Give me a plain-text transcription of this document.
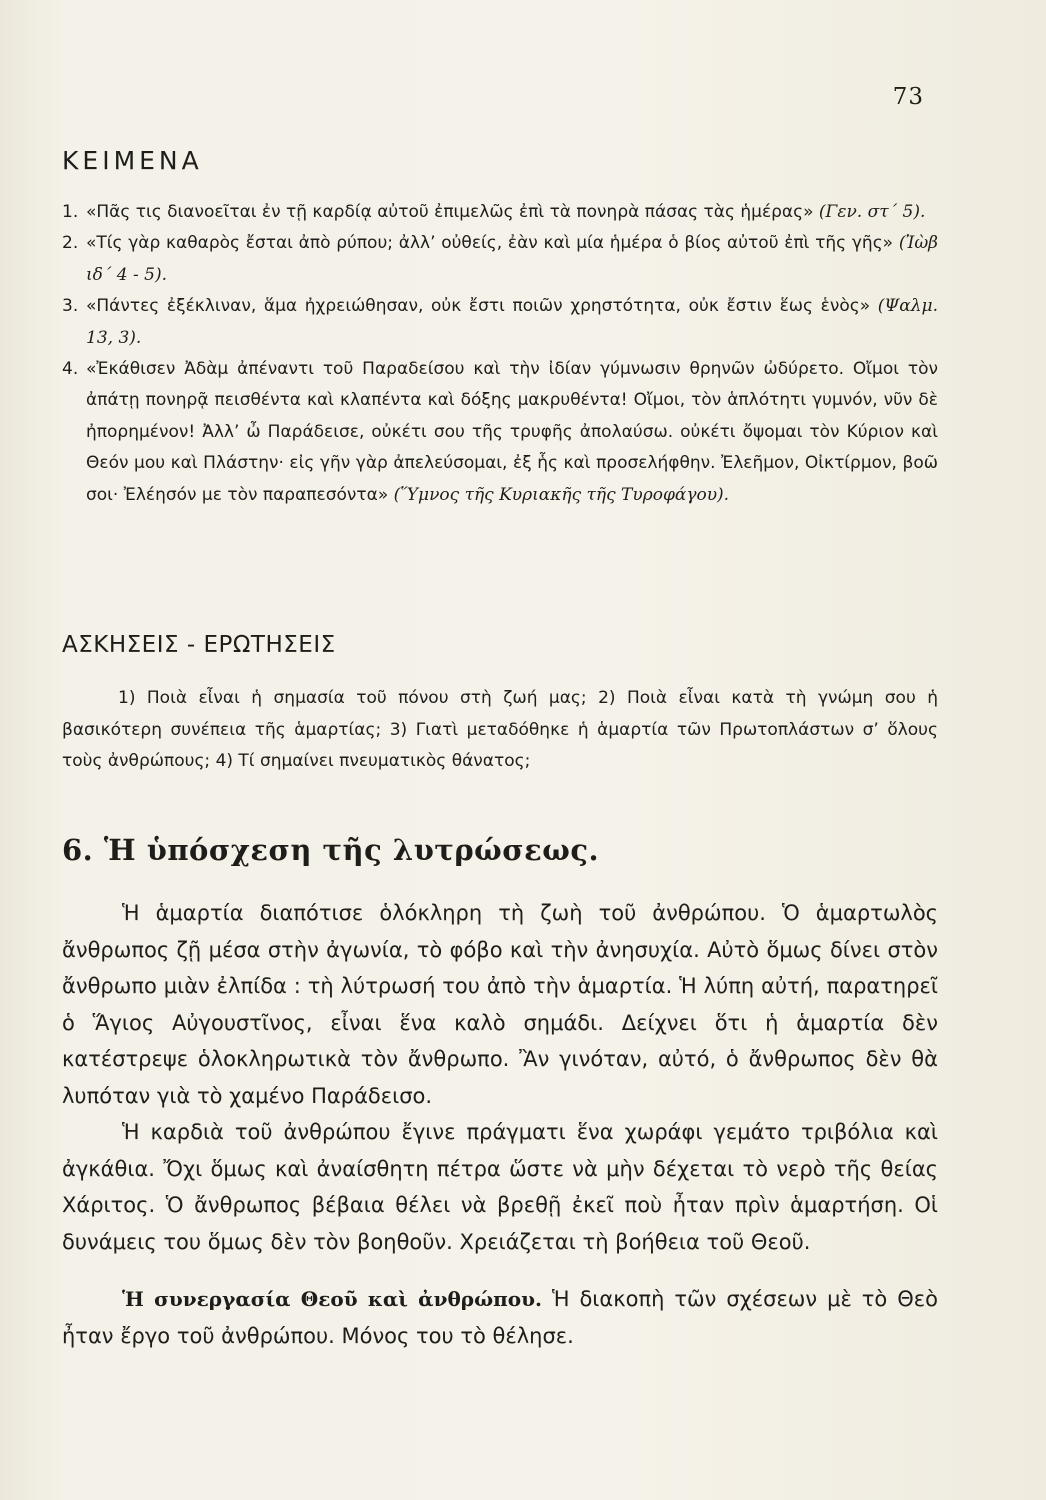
73
ΚΕΙΜΕΝΑ
1. «Πᾶς τις διανοεῖται ἐν τῇ καρδίᾳ αὐτοῦ ἐπιμελῶς ἐπὶ τὰ πονηρὰ πάσας τὰς ἡμέρας» (Γεν. στ΄ 5).
2. «Τίς γὰρ καθαρὸς ἔσται ἀπὸ ρύπου; ἀλλ’ οὐθείς, ἐὰν καὶ μία ἡμέρα ὁ βίος αὐτοῦ ἐπὶ τῆς γῆς» (Ἰὼβ ιδ΄ 4 - 5).
3. «Πάντες ἐξέκλιναν, ἅμα ἠχρειώθησαν, οὐκ ἔστι ποιῶν χρηστότητα, οὐκ ἔστιν ἕως ἑνὸς» (Ψαλμ. 13, 3).
4. «Ἐκάθισεν Ἀδὰμ ἀπέναντι τοῦ Παραδείσου καὶ τὴν ἰδίαν γύμνωσιν θρηνῶν ὠδύρετο. Οἴμοι τὸν ἀπάτῃ πονηρᾷ πεισθέντα καὶ κλαπέντα καὶ δόξης μακρυθέντα! Οἴμοι, τὸν ἁπλότητι γυμνόν, νῦν δὲ ἠπορημένον! Ἀλλ’ ὦ Παράδεισε, οὐκέτι σου τῆς τρυφῆς ἀπολαύσω. οὐκέτι ὄψομαι τὸν Κύριον καὶ Θεόν μου καὶ Πλάστην· εἰς γῆν γὰρ ἀπελεύσομαι, ἐξ ἧς καὶ προσελήφθην. Ἐλεῆμον, Οἰκτίρμον, βοῶ σοι· Ἐλέησόν με τὸν παραπεσόντα» (Ὕμνος τῆς Κυριακῆς τῆς Τυροφάγου).
ΑΣΚΗΣΕΙΣ - ΕΡΩΤΗΣΕΙΣ

1) Ποιὰ εἶναι ἡ σημασία τοῦ πόνου στὴ ζωή μας; 2) Ποιὰ εἶναι κατὰ τὴ γνώμη σου ἡ βασικότερη συνέπεια τῆς ἁμαρτίας; 3) Γιατὶ μεταδόθηκε ἡ ἁμαρτία τῶν Πρωτοπλάστων σ’ ὅλους τοὺς ἀνθρώπους; 4) Τί σημαίνει πνευματικὸς θάνατος;

6. Ἡ ὑπόσχεση τῆς λυτρώσεως.

Ἡ ἁμαρτία διαπότισε ὁλόκληρη τὴ ζωὴ τοῦ ἀνθρώπου. Ὁ ἁμαρτωλὸς ἄνθρωπος ζῇ μέσα στὴν ἀγωνία, τὸ φόβο καὶ τὴν ἀνησυχία. Αὐτὸ ὅμως δίνει στὸν ἄνθρωπο μιὰν ἐλπίδα : τὴ λύτρωσή του ἀπὸ τὴν ἁμαρτία. Ἡ λύπη αὐτή, παρατηρεῖ ὁ Ἅγιος Αὐγουστῖνος, εἶναι ἕνα καλὸ σημάδι. Δείχνει ὅτι ἡ ἁμαρτία δὲν κατέστρεψε ὁλοκληρωτικὰ τὸν ἄνθρωπο. Ἂν γινόταν, αὐτό, ὁ ἄνθρωπος δὲν θὰ λυπόταν γιὰ τὸ χαμένο Παράδεισο.

Ἡ καρδιὰ τοῦ ἀνθρώπου ἔγινε πράγματι ἕνα χωράφι γεμάτο τριβόλια καὶ ἀγκάθια. Ὄχι ὅμως καὶ ἀναίσθητη πέτρα ὥστε νὰ μὴν δέχεται τὸ νερὸ τῆς θείας Χάριτος. Ὁ ἄνθρωπος βέβαια θέλει νὰ βρεθῇ ἐκεῖ ποὺ ἦταν πρὶν ἁμαρτήση. Οἱ δυνάμεις του ὅμως δὲν τὸν βοηθοῦν. Χρειάζεται τὴ βοήθεια τοῦ Θεοῦ.

Ἡ συνεργασία Θεοῦ καὶ ἀνθρώπου. Ἡ διακοπὴ τῶν σχέσεων μὲ τὸ Θεὸ ἦταν ἔργο τοῦ ἀνθρώπου. Μόνος του τὸ θέλησε.
